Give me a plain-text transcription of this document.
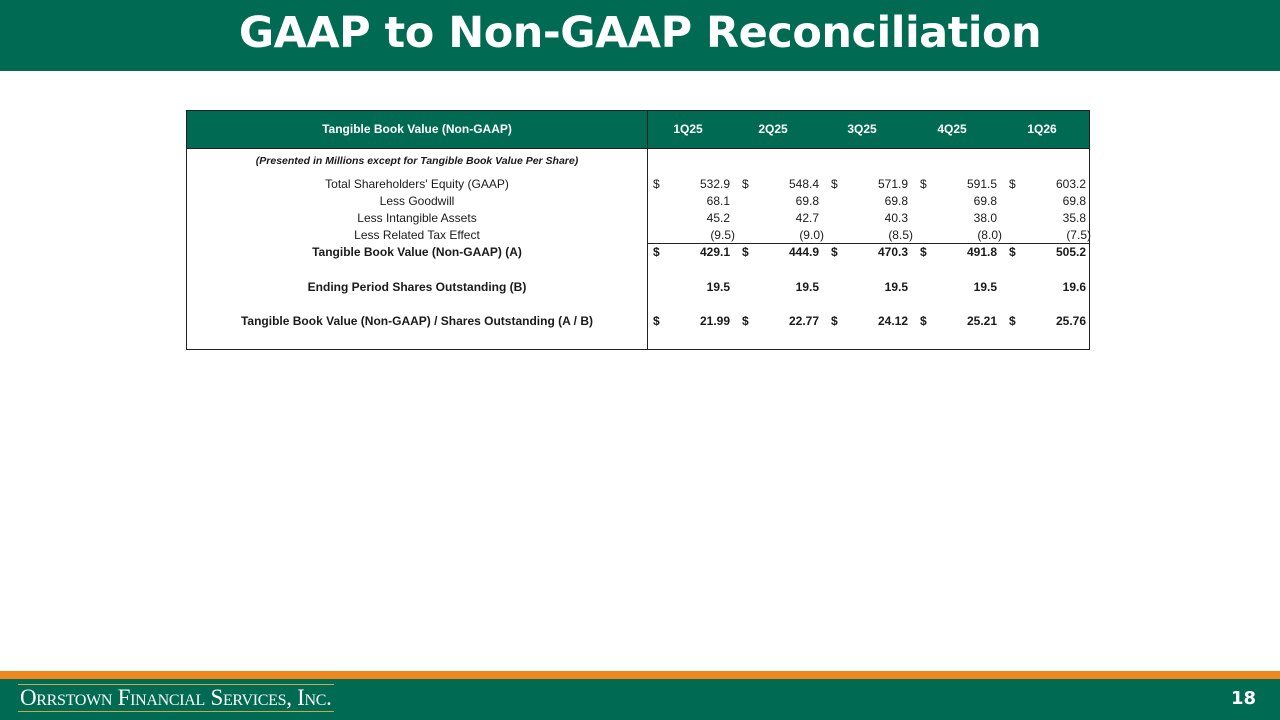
GAAP to Non-GAAP Reconciliation
Tangible Book Value (Non-GAAP)	1Q25	2Q25	3Q25	4Q25	1Q26
(Presented in Millions except for Tangible Book Value Per Share)
Total Shareholders' Equity (GAAP)	$	532.9 $	548.4 $	571.9 $	591.5 $	603.2
Less Goodwill	68.1	69.8	69.8	69.8	69.8
Less Intangible Assets	45.2	42.7	40.3	38.0	35.8
Less Related Tax Effect	(9.5)	(9.0)	(8.5)	(8.0)	(7.5)
Tangible Book Value (Non-GAAP) (A)	$	429.1 $	444.9 $	470.3 $	491.8 $	505.2
Ending Period Shares Outstanding (B)	19.5	19.5	19.5	19.5	19.6
Tangible Book Value (Non-GAAP) / Shares Outstanding (A / B)	$	21.99 $	22.77 $	24.12 $	25.21 $	25.76
Orrstown Financial Services, Inc.	18
